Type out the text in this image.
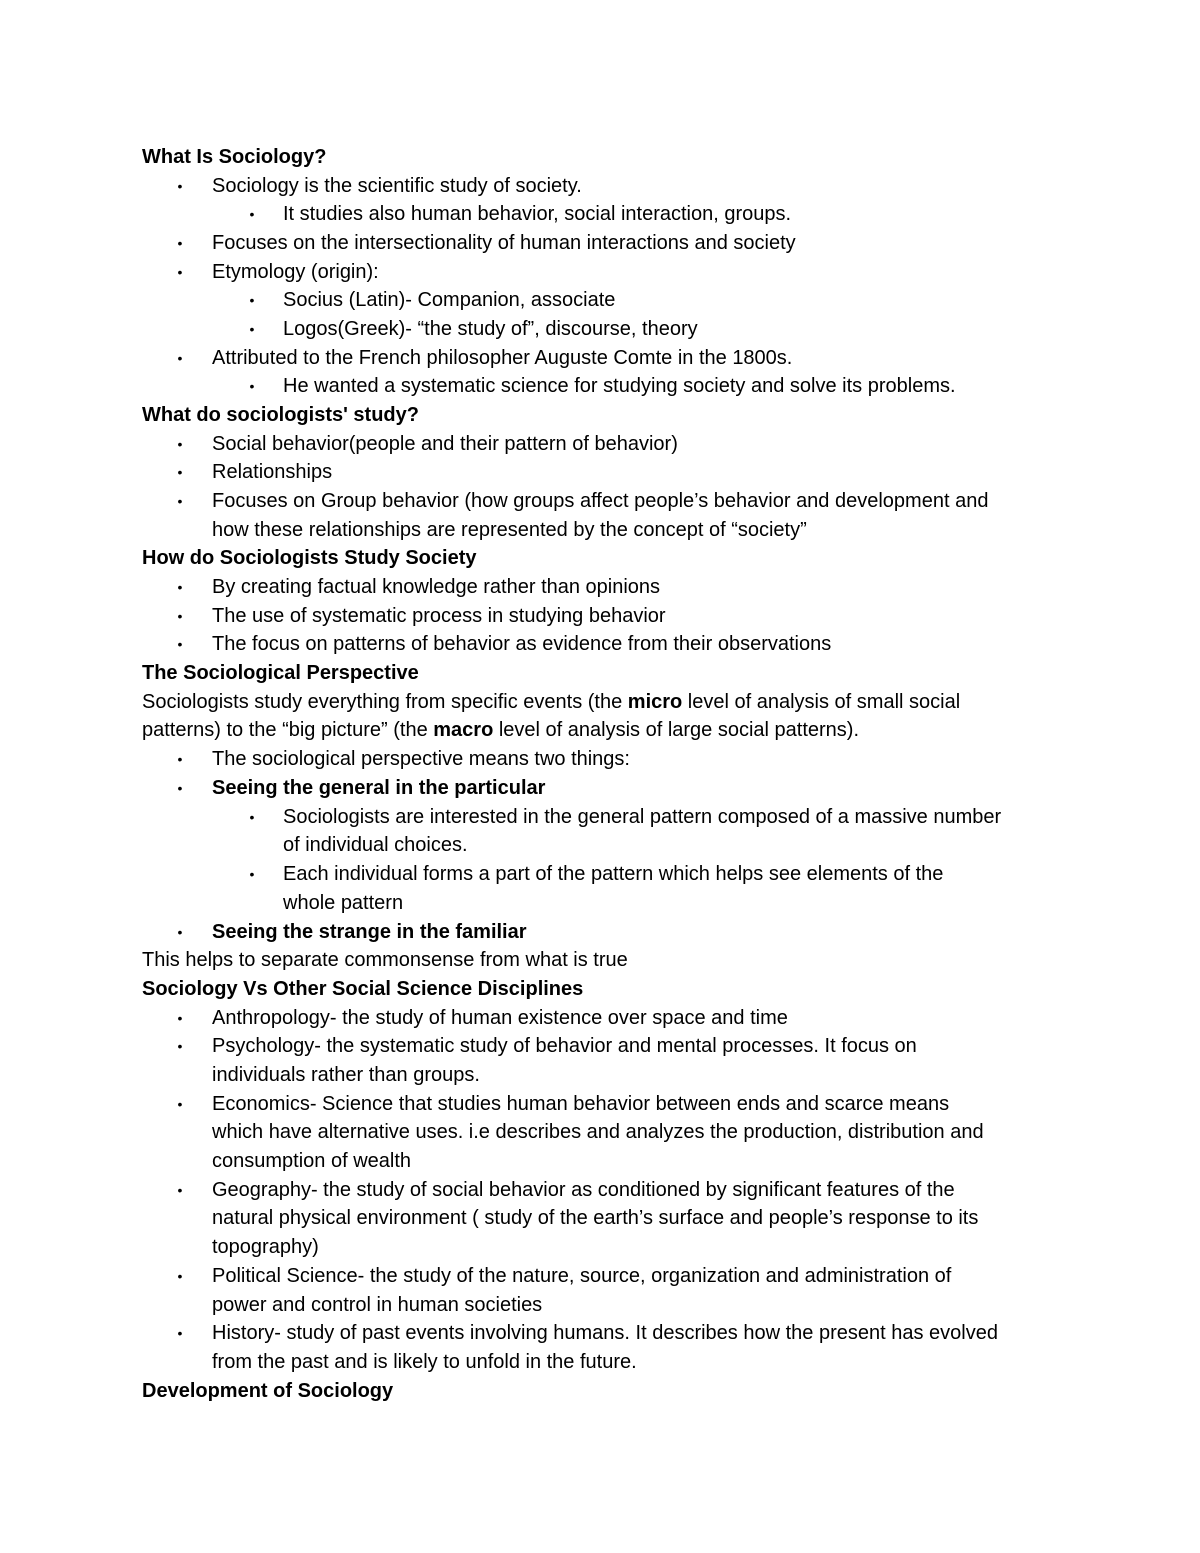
What Is Sociology?
• Sociology is the scientific study of society.
• It studies also human behavior, social interaction, groups.
• Focuses on the intersectionality of human interactions and society
• Etymology (origin):
• Socius (Latin)- Companion, associate
• Logos(Greek)- “the study of”, discourse, theory
• Attributed to the French philosopher Auguste Comte in the 1800s.
• He wanted a systematic science for studying society and solve its problems.
What do sociologists' study?
• Social behavior(people and their pattern of behavior)
• Relationships
• Focuses on Group behavior (how groups affect people’s behavior and development and
how these relationships are represented by the concept of “society”
How do Sociologists Study Society
• By creating factual knowledge rather than opinions
• The use of systematic process in studying behavior
• The focus on patterns of behavior as evidence from their observations
The Sociological Perspective
Sociologists study everything from specific events (the micro level of analysis of small social
patterns) to the “big picture” (the macro level of analysis of large social patterns).
• The sociological perspective means two things:
• Seeing the general in the particular
• Sociologists are interested in the general pattern composed of a massive number
of individual choices.
• Each individual forms a part of the pattern which helps see elements of the
whole pattern
• Seeing the strange in the familiar
This helps to separate commonsense from what is true
Sociology Vs Other Social Science Disciplines
• Anthropology- the study of human existence over space and time
• Psychology- the systematic study of behavior and mental processes. It focus on
individuals rather than groups.
• Economics- Science that studies human behavior between ends and scarce means
which have alternative uses. i.e describes and analyzes the production, distribution and
consumption of wealth
• Geography- the study of social behavior as conditioned by significant features of the
natural physical environment ( study of the earth’s surface and people’s response to its
topography)
• Political Science- the study of the nature, source, organization and administration of
power and control in human societies
• History- study of past events involving humans. It describes how the present has evolved
from the past and is likely to unfold in the future.
Development of Sociology
